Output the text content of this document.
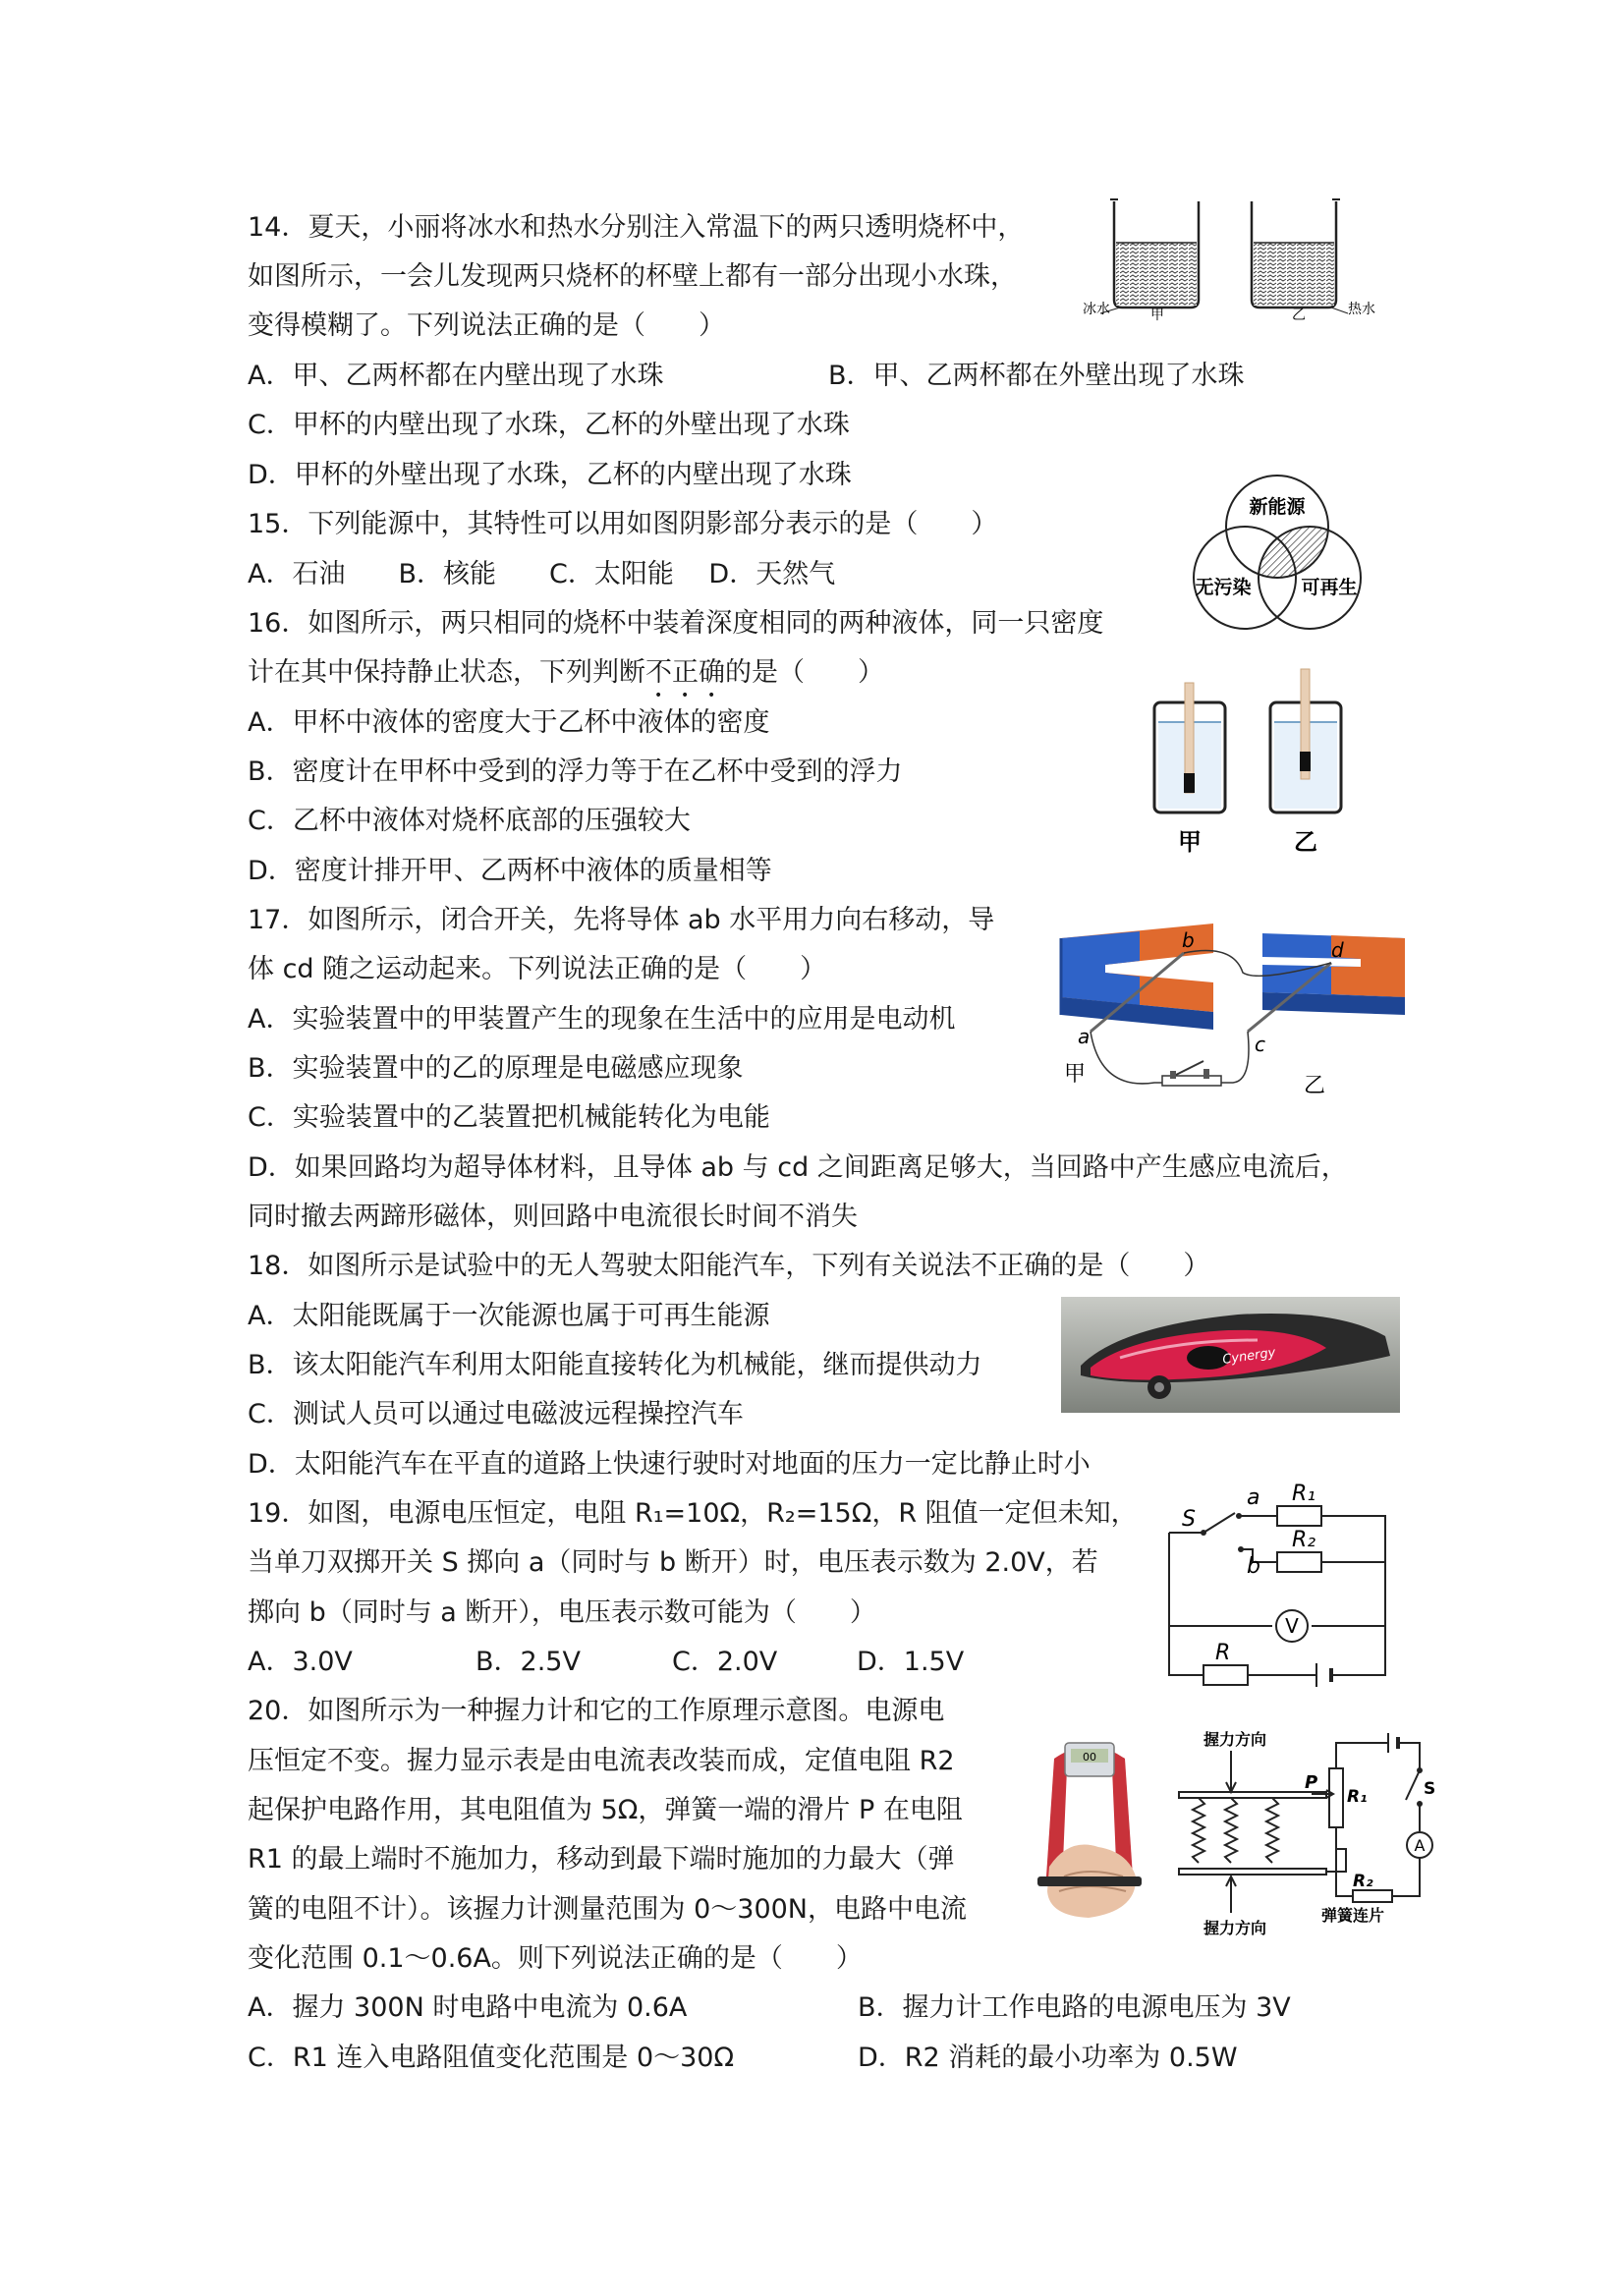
14．夏天，小丽将冰水和热水分别注入常温下的两只透明烧杯中，
如图所示，一会儿发现两只烧杯的杯壁上都有一部分出现小水珠，
变得模糊了。下列说法正确的是（　　）
A．甲、乙两杯都在内壁出现了水珠	B．甲、乙两杯都在外壁出现了水珠
C．甲杯的内壁出现了水珠，乙杯的外壁出现了水珠
D．甲杯的外壁出现了水珠，乙杯的内壁出现了水珠
冰水	甲	乙	热水
15．下列能源中，其特性可以用如图阴影部分表示的是（　　）
A．石油　　B．核能　　C．太阳能　 D．天然气
新能源
无污染	可再生
16．如图所示，两只相同的烧杯中装着深度相同的两种液体，同一只密度
计在其中保持静止状态，下列判断不正确的是（　　）
A．甲杯中液体的密度大于乙杯中液体的密度
B．密度计在甲杯中受到的浮力等于在乙杯中受到的浮力
C．乙杯中液体对烧杯底部的压强较大
D．密度计排开甲、乙两杯中液体的质量相等
甲	乙
17．如图所示，闭合开关，先将导体 ab 水平用力向右移动，导
体 cd 随之运动起来。下列说法正确的是（　　）
A．实验装置中的甲装置产生的现象在生活中的应用是电动机
B．实验装置中的乙的原理是电磁感应现象
C．实验装置中的乙装置把机械能转化为电能
D．如果回路均为超导体材料，且导体 ab 与 cd 之间距离足够大，当回路中产生感应电流后，
同时撤去两蹄形磁体，则回路中电流很长时间不消失
a
b
c
d
甲	乙
18．如图所示是试验中的无人驾驶太阳能汽车，下列有关说法不正确的是（　　）
A．太阳能既属于一次能源也属于可再生能源
B．该太阳能汽车利用太阳能直接转化为机械能，继而提供动力
C．测试人员可以通过电磁波远程操控汽车
D．太阳能汽车在平直的道路上快速行驶时对地面的压力一定比静止时小
Cynergy
19．如图，电源电压恒定，电阻 R₁=10Ω，R₂=15Ω，R 阻值一定但未知，
当单刀双掷开关 S 掷向 a（同时与 b 断开）时，电压表示数为 2.0V，若
掷向 b（同时与 a 断开），电压表示数可能为（　　）
A．3.0V	B．2.5V	C．2.0V	D．1.5V
S
a
b
R₁
R₂
V
R
20．如图所示为一种握力计和它的工作原理示意图。电源电
压恒定不变。握力显示表是由电流表改装而成，定值电阻 R2
起保护电路作用，其电阻值为 5Ω，弹簧一端的滑片 P 在电阻
R1 的最上端时不施加力，移动到最下端时施加的力最大（弹
簧的电阻不计）。该握力计测量范围为 0～300N，电路中电流
变化范围 0.1～0.6A。则下列说法正确的是（　　）
A．握力 300N 时电路中电流为 0.6A	B．握力计工作电路的电源电压为 3V
C．R1 连入电路阻值变化范围是 0～30Ω	D．R2 消耗的最小功率为 0.5W
00
握力方向
握力方向
弹簧连片
P
R₁
R₂
S
A
